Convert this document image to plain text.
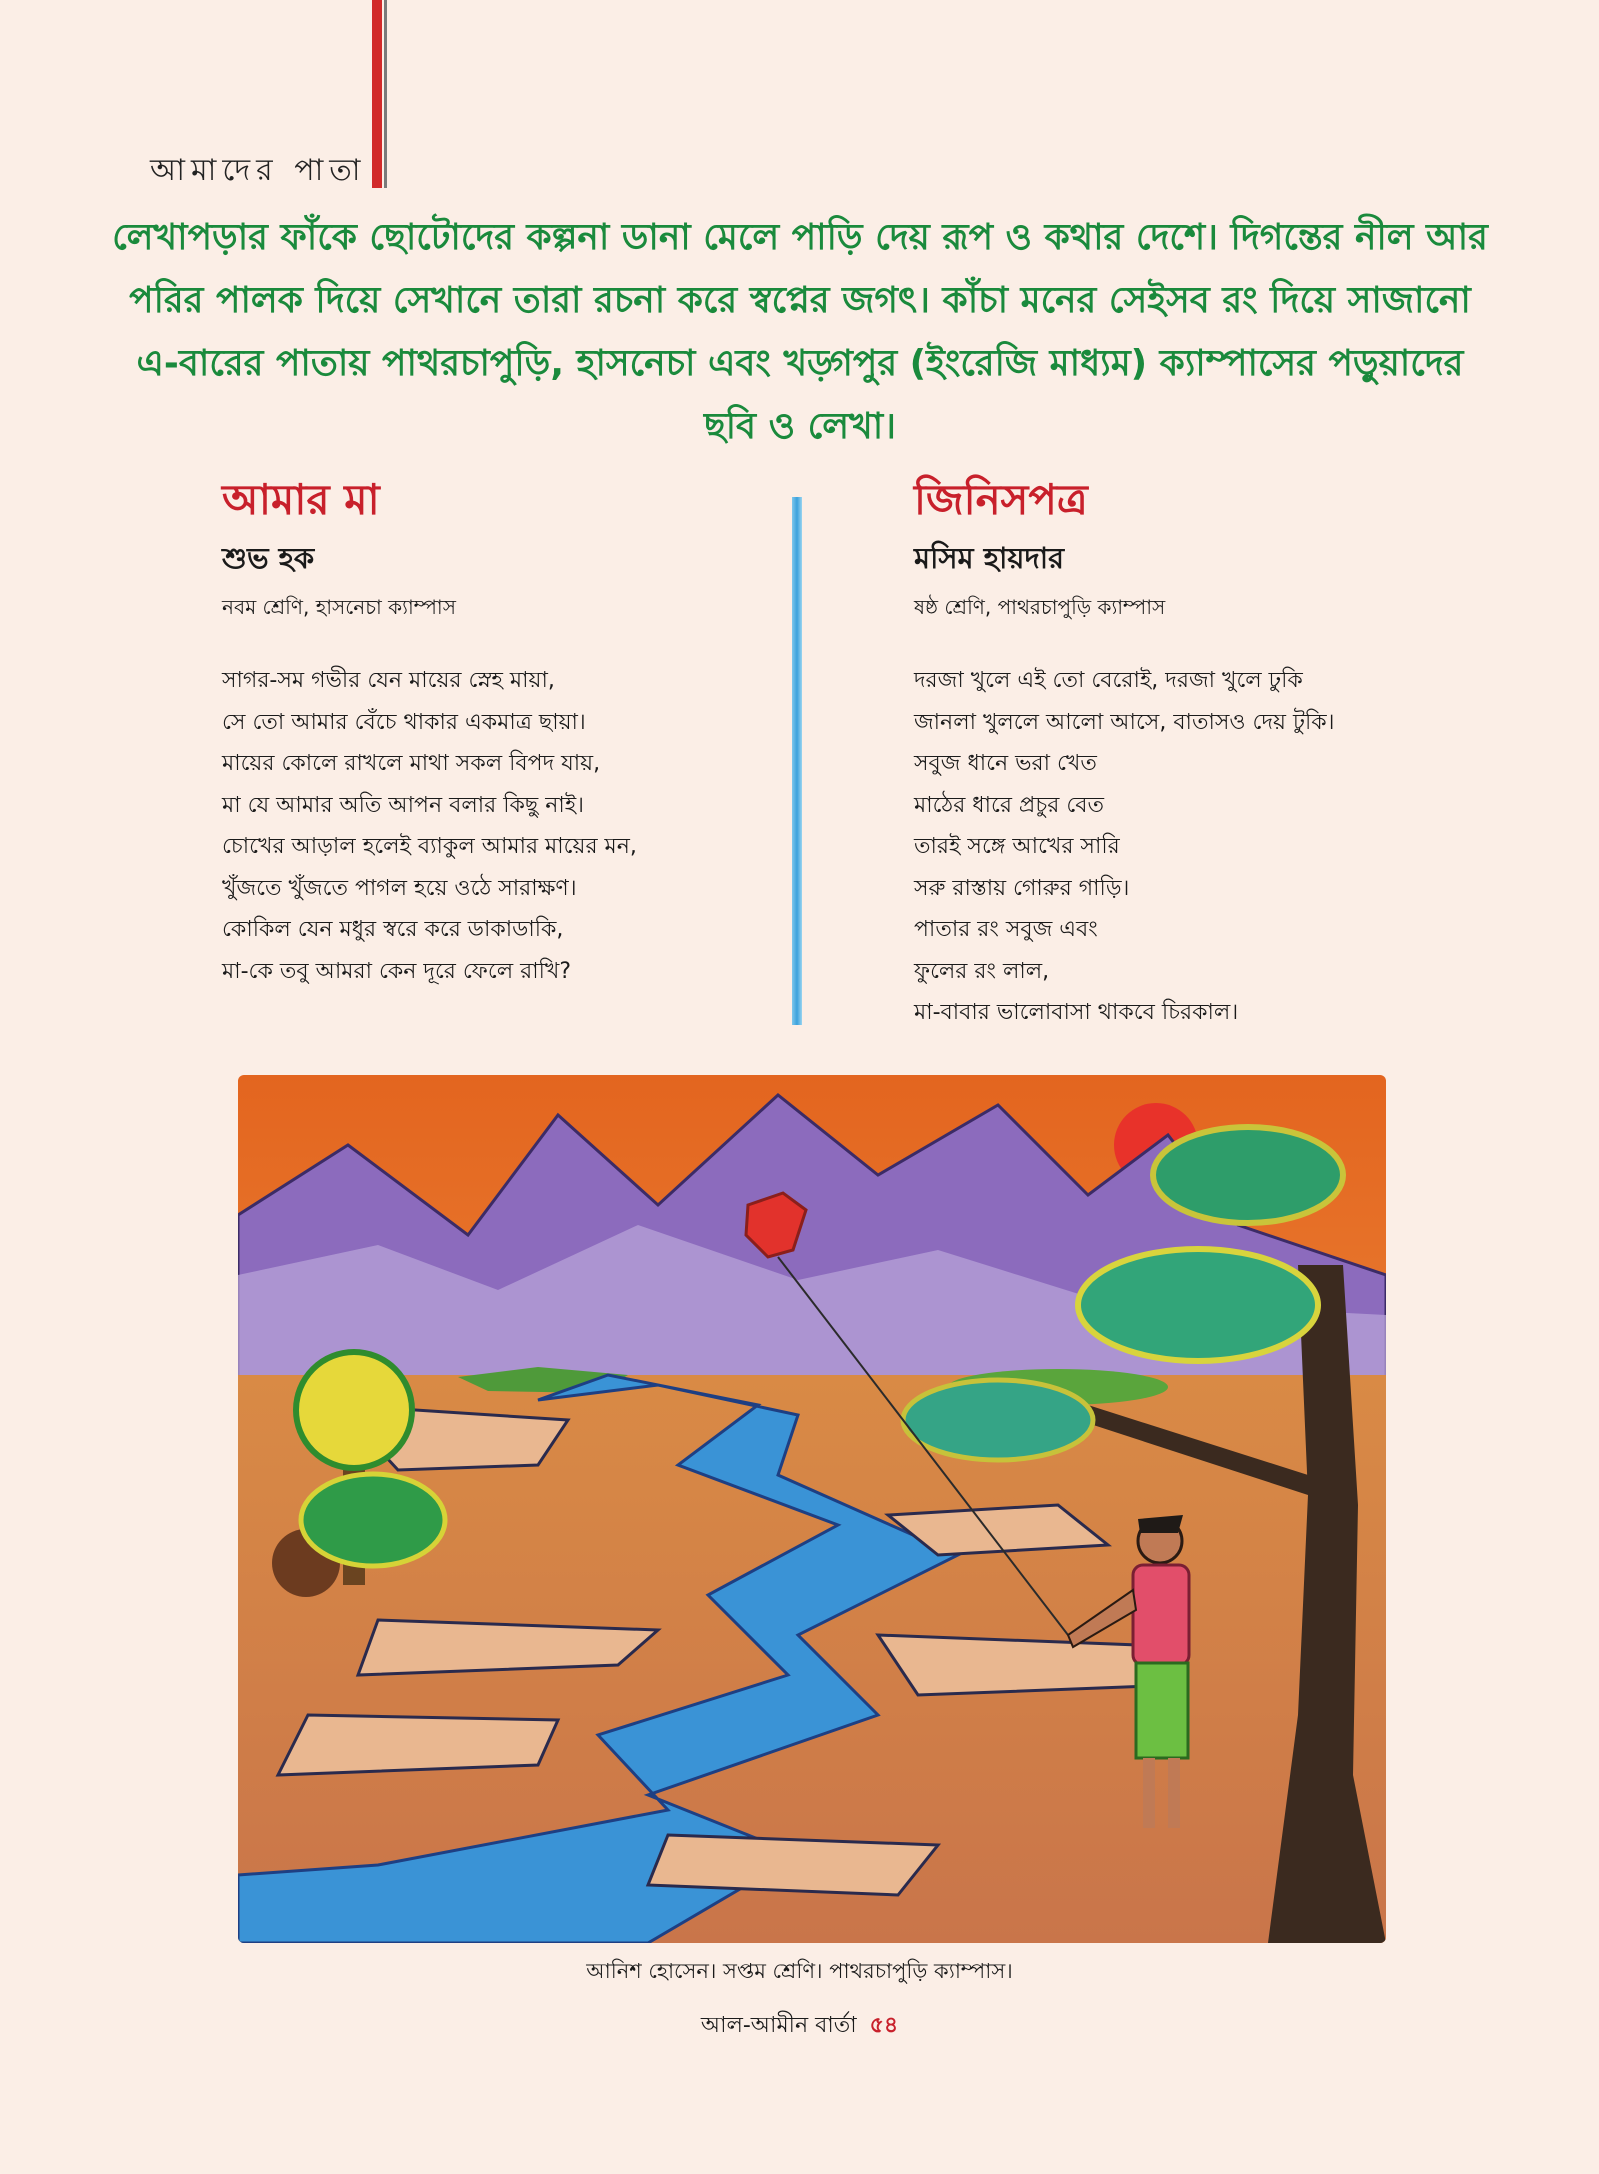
আমাদের পাতা
লেখাপড়ার ফাঁকে ছোটোদের কল্পনা ডানা মেলে পাড়ি দেয় রূপ ও কথার দেশে। দিগন্তের নীল আর পরির পালক দিয়ে সেখানে তারা রচনা করে স্বপ্নের জগৎ। কাঁচা মনের সেইসব রং দিয়ে সাজানো এ-বারের পাতায় পাথরচাপুড়ি, হাসনেচা এবং খড়্গপুর (ইংরেজি মাধ্যম) ক্যাম্পাসের পড়ুয়াদের ছবি ও লেখা।
আমার মা

শুভ হক

নবম শ্রেণি, হাসনেচা ক্যাম্পাস

সাগর-সম গভীর যেন মায়ের স্নেহ মায়া,
সে তো আমার বেঁচে থাকার একমাত্র ছায়া।
মায়ের কোলে রাখলে মাথা সকল বিপদ যায়,
মা যে আমার অতি আপন বলার কিছু নাই।
চোখের আড়াল হলেই ব্যাকুল আমার মায়ের মন,
খুঁজতে খুঁজতে পাগল হয়ে ওঠে সারাক্ষণ।
কোকিল যেন মধুর স্বরে করে ডাকাডাকি,
মা-কে তবু আমরা কেন দূরে ফেলে রাখি?
জিনিসপত্র

মসিম হায়দার

ষষ্ঠ শ্রেণি, পাথরচাপুড়ি ক্যাম্পাস

দরজা খুলে এই তো বেরোই, দরজা খুলে ঢুকি
জানলা খুললে আলো আসে, বাতাসও দেয় টুকি।
সবুজ ধানে ভরা খেত
মাঠের ধারে প্রচুর বেত
তারই সঙ্গে আখের সারি
সরু রাস্তায় গোরুর গাড়ি।
পাতার রং সবুজ এবং
ফুলের রং লাল,
মা-বাবার ভালোবাসা থাকবে চিরকাল।
আনিশ হোসেন। সপ্তম শ্রেণি। পাথরচাপুড়ি ক্যাম্পাস।
আল-আমীন বার্তা ৫৪
